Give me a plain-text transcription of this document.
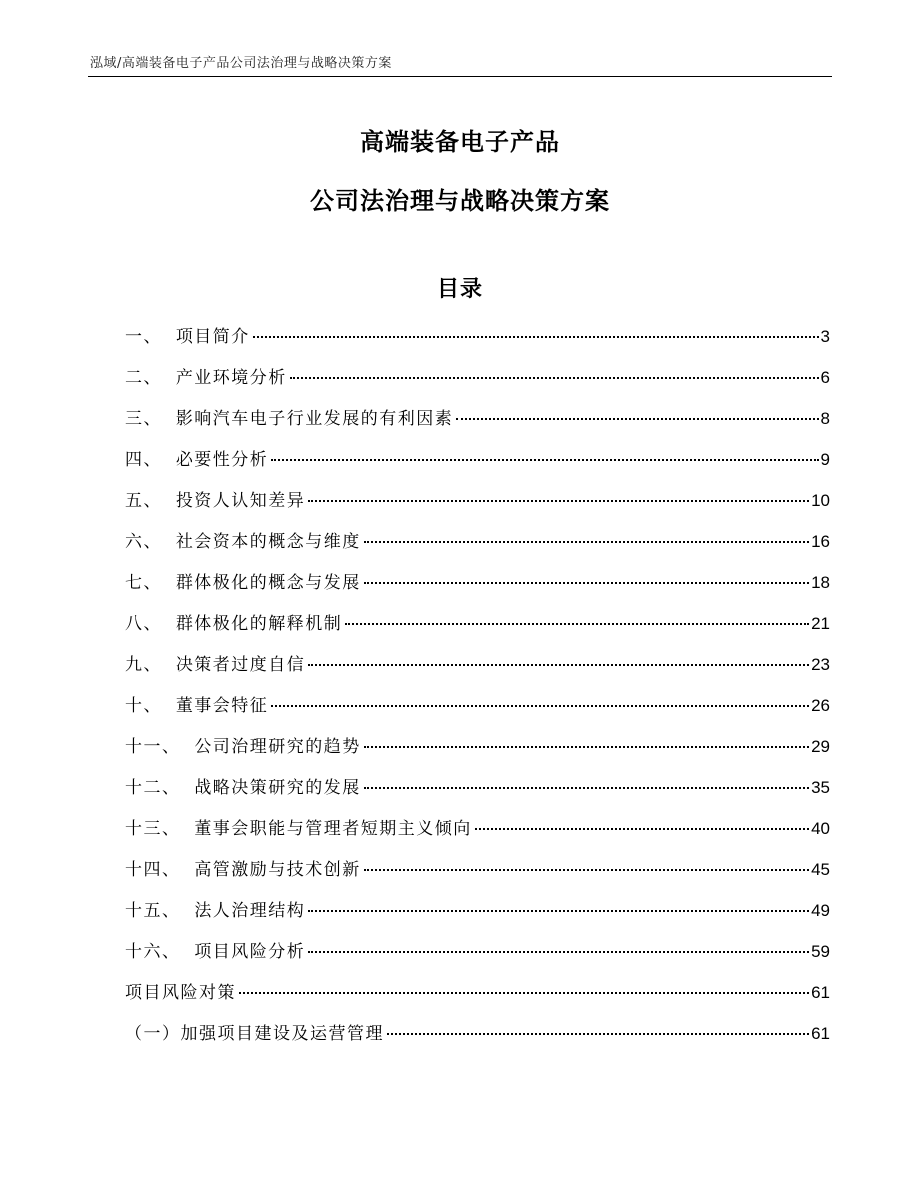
泓域/高端装备电子产品公司法治理与战略决策方案
高端装备电子产品
公司法治理与战略决策方案
目录
一、 项目简介	3
二、 产业环境分析	6
三、 影响汽车电子行业发展的有利因素	8
四、 必要性分析	9
五、 投资人认知差异	10
六、 社会资本的概念与维度	16
七、 群体极化的概念与发展	18
八、 群体极化的解释机制	21
九、 决策者过度自信	23
十、 董事会特征	26
十一、 公司治理研究的趋势	29
十二、 战略决策研究的发展	35
十三、 董事会职能与管理者短期主义倾向	40
十四、 高管激励与技术创新	45
十五、 法人治理结构	49
十六、 项目风险分析	59
项目风险对策	61
（一） 加强项目建设及运营管理	61
